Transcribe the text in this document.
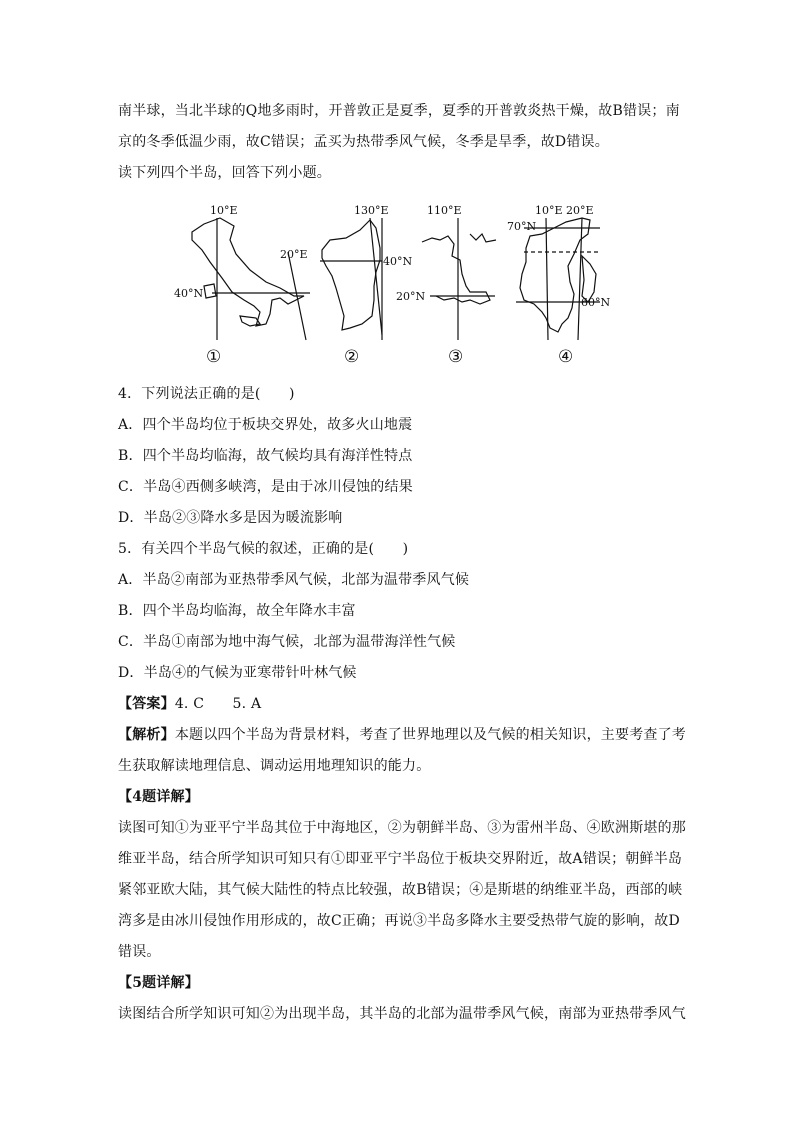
南半球，当北半球的Q地多雨时，开普敦正是夏季，夏季的开普敦炎热干燥，故B错误；南
京的冬季低温少雨，故C错误；孟买为热带季风气候，冬季是旱季，故D错误。
读下列四个半岛，回答下列小题。
10°E
20°E
40°N
130°E
40°N
110°E
20°N
70°N
10°E 20°E
60°N
①	②	③	④
4．下列说法正确的是(　　)
A．四个半岛均位于板块交界处，故多火山地震
B．四个半岛均临海，故气候均具有海洋性特点
C．半岛④西侧多峡湾，是由于冰川侵蚀的结果
D．半岛②③降水多是因为暖流影响
5．有关四个半岛气候的叙述，正确的是(　　)
A．半岛②南部为亚热带季风气候，北部为温带季风气候
B．四个半岛均临海，故全年降水丰富
C．半岛①南部为地中海气候，北部为温带海洋性气候
D．半岛④的气候为亚寒带针叶林气候
【答案】4. C　　5. A
【解析】本题以四个半岛为背景材料，考查了世界地理以及气候的相关知识，主要考查了考
生获取解读地理信息、调动运用地理知识的能力。
【4题详解】
读图可知①为亚平宁半岛其位于中海地区，②为朝鲜半岛、③为雷州半岛、④欧洲斯堪的那
维亚半岛，结合所学知识可知只有①即亚平宁半岛位于板块交界附近，故A错误；朝鲜半岛
紧邻亚欧大陆，其气候大陆性的特点比较强，故B错误；④是斯堪的纳维亚半岛，西部的峡
湾多是由冰川侵蚀作用形成的，故C正确；再说③半岛多降水主要受热带气旋的影响，故D
错误。
【5题详解】
读图结合所学知识可知②为出现半岛，其半岛的北部为温带季风气候，南部为亚热带季风气
